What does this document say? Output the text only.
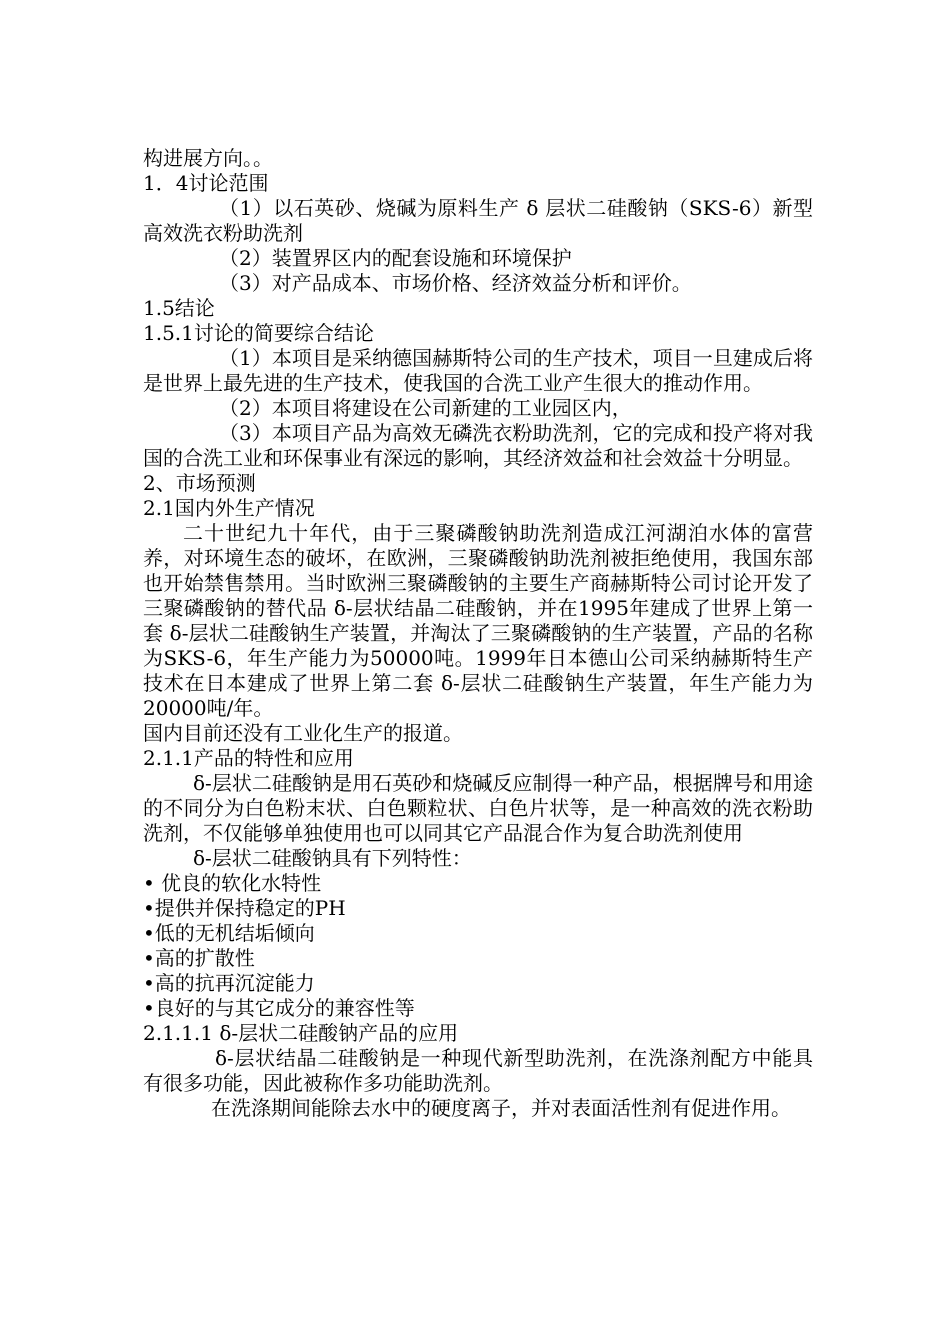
构进展方向。。

1．4讨论范围

（1）以石英砂、烧碱为原料生产 δ 层状二硅酸钠（SKS-6）新型高效洗衣粉助洗剂

（2）装置界区内的配套设施和环境保护

（3）对产品成本、市场价格、经济效益分析和评价。

1.5结论

1.5.1讨论的简要综合结论

（1）本项目是采纳德国赫斯特公司的生产技术，项目一旦建成后将是世界上最先进的生产技术，使我国的合洗工业产生很大的推动作用。

（2）本项目将建设在公司新建的工业园区内，

（3）本项目产品为高效无磷洗衣粉助洗剂，它的完成和投产将对我国的合洗工业和环保事业有深远的影响，其经济效益和社会效益十分明显。

2、市场预测

2.1国内外生产情况

二十世纪九十年代，由于三聚磷酸钠助洗剂造成江河湖泊水体的富营养，对环境生态的破坏，在欧洲，三聚磷酸钠助洗剂被拒绝使用，我国东部也开始禁售禁用。当时欧洲三聚磷酸钠的主要生产商赫斯特公司讨论开发了三聚磷酸钠的替代品 δ-层状结晶二硅酸钠，并在1995年建成了世界上第一套 δ-层状二硅酸钠生产装置，并淘汰了三聚磷酸钠的生产装置，产品的名称为SKS-6，年生产能力为50000吨。1999年日本德山公司采纳赫斯特生产技术在日本建成了世界上第二套 δ-层状二硅酸钠生产装置，年生产能力为20000吨/年。

国内目前还没有工业化生产的报道。

2.1.1产品的特性和应用

δ-层状二硅酸钠是用石英砂和烧碱反应制得一种产品，根据牌号和用途的不同分为白色粉末状、白色颗粒状、白色片状等，是一种高效的洗衣粉助洗剂，不仅能够单独使用也可以同其它产品混合作为复合助洗剂使用

δ-层状二硅酸钠具有下列特性：

• 优良的软化水特性

•提供并保持稳定的PH

•低的无机结垢倾向

•高的扩散性

•高的抗再沉淀能力

•良好的与其它成分的兼容性等

2.1.1.1 δ-层状二硅酸钠产品的应用

δ-层状结晶二硅酸钠是一种现代新型助洗剂，在洗涤剂配方中能具有很多功能，因此被称作多功能助洗剂。

在洗涤期间能除去水中的硬度离子，并对表面活性剂有促进作用。
